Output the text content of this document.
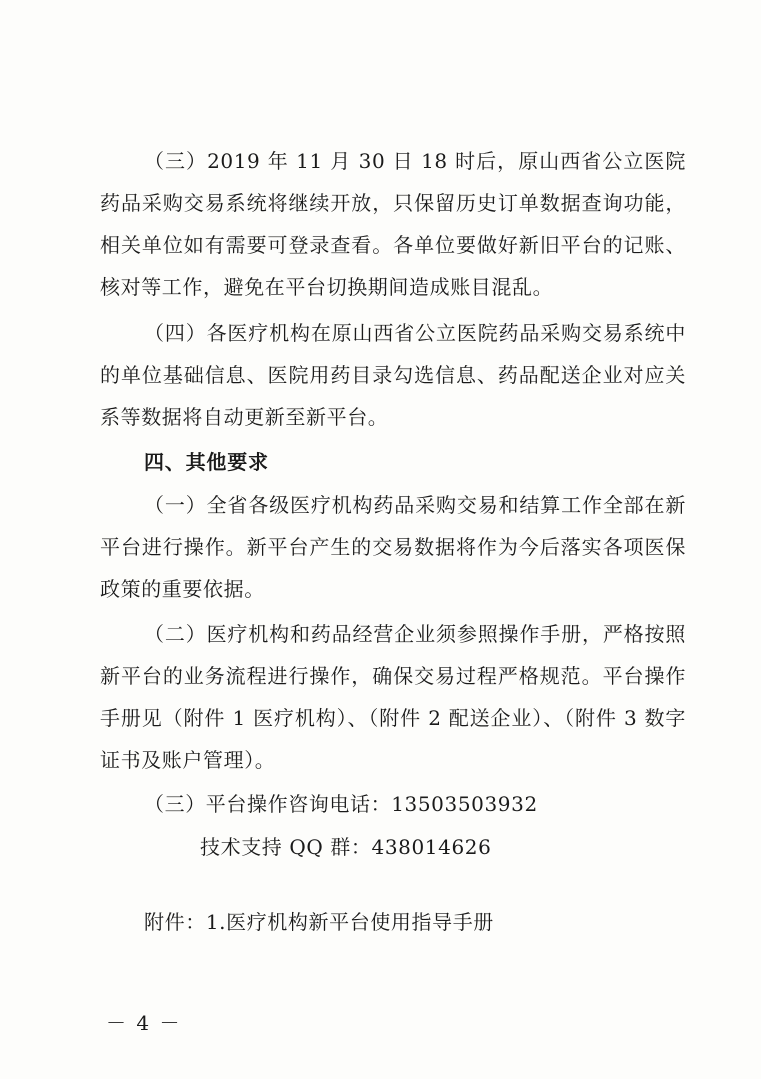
（三）2019 年 11 月 30 日 18 时后，原山西省公立医院药品采购交易系统将继续开放，只保留历史订单数据查询功能，相关单位如有需要可登录查看。各单位要做好新旧平台的记账、核对等工作，避免在平台切换期间造成账目混乱。

（四）各医疗机构在原山西省公立医院药品采购交易系统中的单位基础信息、医院用药目录勾选信息、药品配送企业对应关系等数据将自动更新至新平台。

四、其他要求

（一）全省各级医疗机构药品采购交易和结算工作全部在新平台进行操作。新平台产生的交易数据将作为今后落实各项医保政策的重要依据。

（二）医疗机构和药品经营企业须参照操作手册，严格按照新平台的业务流程进行操作，确保交易过程严格规范。平台操作手册见（附件 1 医疗机构）、（附件 2 配送企业）、（附件 3 数字证书及账户管理）。

（三）平台操作咨询电话：13503503932

技术支持 QQ 群：438014626

附件：1.医疗机构新平台使用指导手册

－ 4 －
